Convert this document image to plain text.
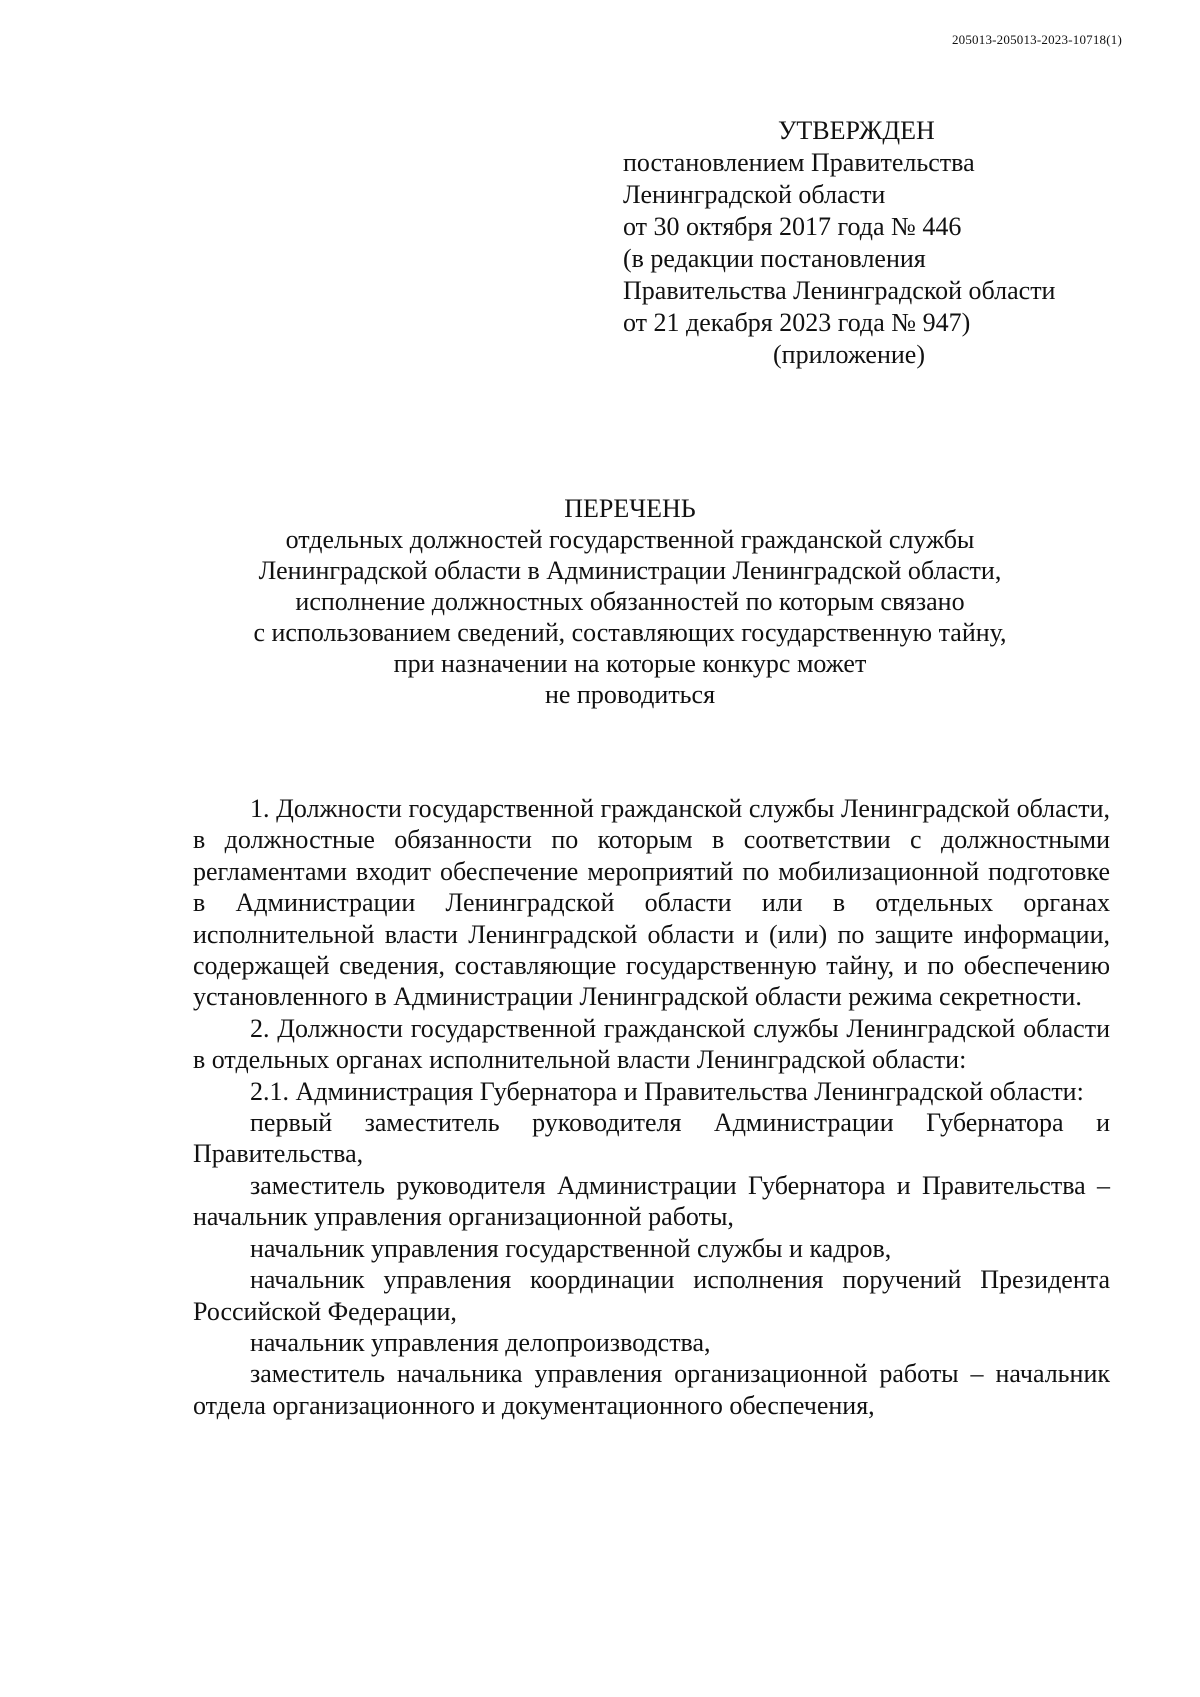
205013-205013-2023-10718(1)
УТВЕРЖДЕН
постановлением Правительства
Ленинградской области
от 30 октября 2017 года № 446
(в редакции постановления
Правительства Ленинградской области
от 21 декабря 2023 года № 947)
(приложение)
ПЕРЕЧЕНЬ
отдельных должностей государственной гражданской службы
Ленинградской области в Администрации Ленинградской области,
исполнение должностных обязанностей по которым связано
с использованием сведений, составляющих государственную тайну,
при назначении на которые конкурс может
не проводиться

1. Должности государственной гражданской службы Ленинградской области, в должностные обязанности по которым в соответствии с должностными регламентами входит обеспечение мероприятий по мобилизационной подготовке в Администрации Ленинградской области или в отдельных органах исполнительной власти Ленинградской области и (или) по защите информации, содержащей сведения, составляющие государственную тайну, и по обеспечению установленного в Администрации Ленинградской области режима секретности.

2. Должности государственной гражданской службы Ленинградской области в отдельных органах исполнительной власти Ленинградской области:

2.1. Администрация Губернатора и Правительства Ленинградской области:

первый заместитель руководителя Администрации Губернатора и Правительства,

заместитель руководителя Администрации Губернатора и Правительства – начальник управления организационной работы,

начальник управления государственной службы и кадров,

начальник управления координации исполнения поручений Президента Российской Федерации,

начальник управления делопроизводства,

заместитель начальника управления организационной работы – начальник отдела организационного и документационного обеспечения,
